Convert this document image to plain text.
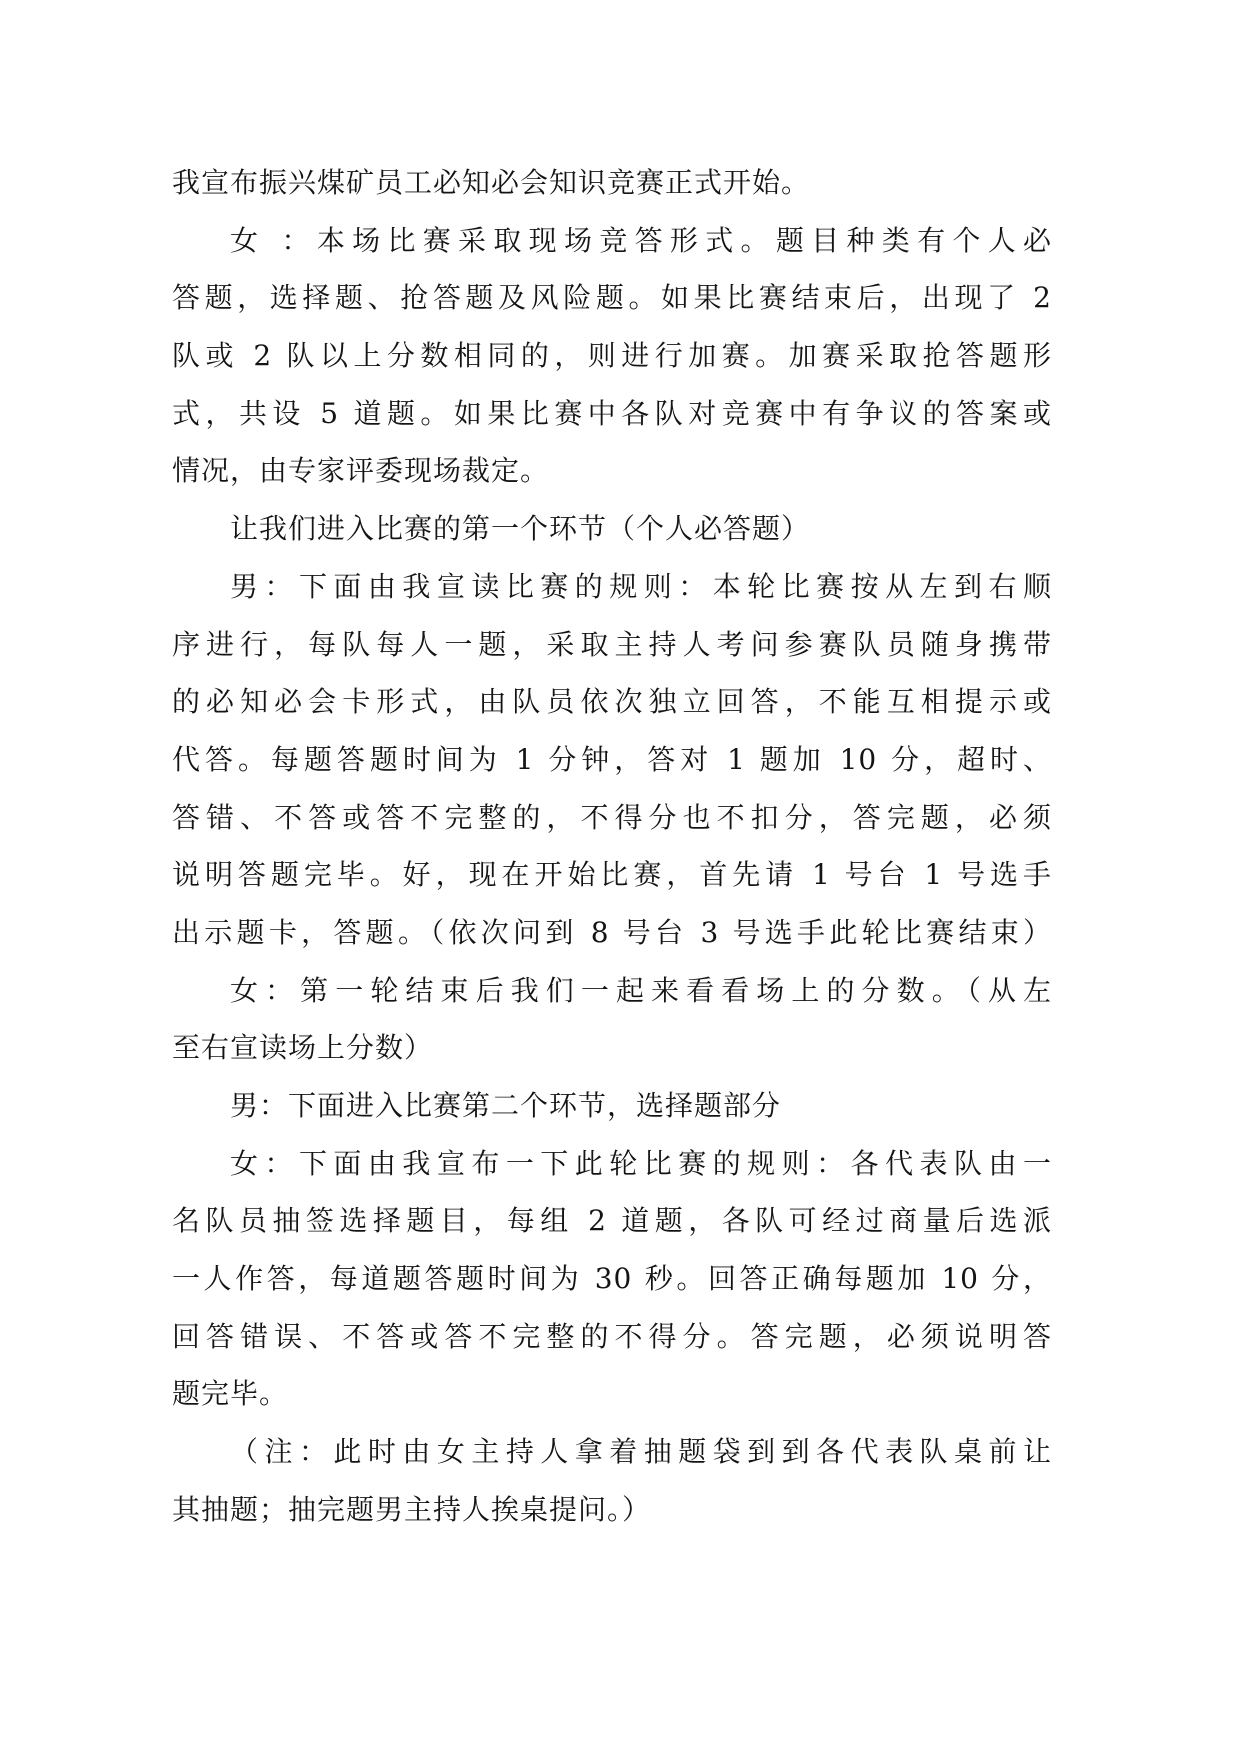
我宣布振兴煤矿员工必知必会知识竞赛正式开始。
女 ：本场比赛采取现场竞答形式。题目种类有个人必
答题，选择题、抢答题及风险题。如果比赛结束后，出现了 2
队或 2 队以上分数相同的，则进行加赛。加赛采取抢答题形
式，共设 5 道题。如果比赛中各队对竞赛中有争议的答案或
情况，由专家评委现场裁定。
让我们进入比赛的第一个环节（个人必答题）
男：下面由我宣读比赛的规则：本轮比赛按从左到右顺
序进行，每队每人一题，采取主持人考问参赛队员随身携带
的必知必会卡形式，由队员依次独立回答，不能互相提示或
代答。每题答题时间为 1 分钟，答对 1 题加 10 分，超时、
答错、不答或答不完整的，不得分也不扣分，答完题，必须
说明答题完毕。好，现在开始比赛，首先请 1 号台 1 号选手
出示题卡，答题。（依次问到 8 号台 3 号选手此轮比赛结束）
女：第一轮结束后我们一起来看看场上的分数。（从左
至右宣读场上分数）
男：下面进入比赛第二个环节，选择题部分
女：下面由我宣布一下此轮比赛的规则：各代表队由一
名队员抽签选择题目，每组 2 道题，各队可经过商量后选派
一人作答，每道题答题时间为 30 秒。回答正确每题加 10 分，
回答错误、不答或答不完整的不得分。答完题，必须说明答
题完毕。
（注：此时由女主持人拿着抽题袋到到各代表队桌前让
其抽题；抽完题男主持人挨桌提问。）
